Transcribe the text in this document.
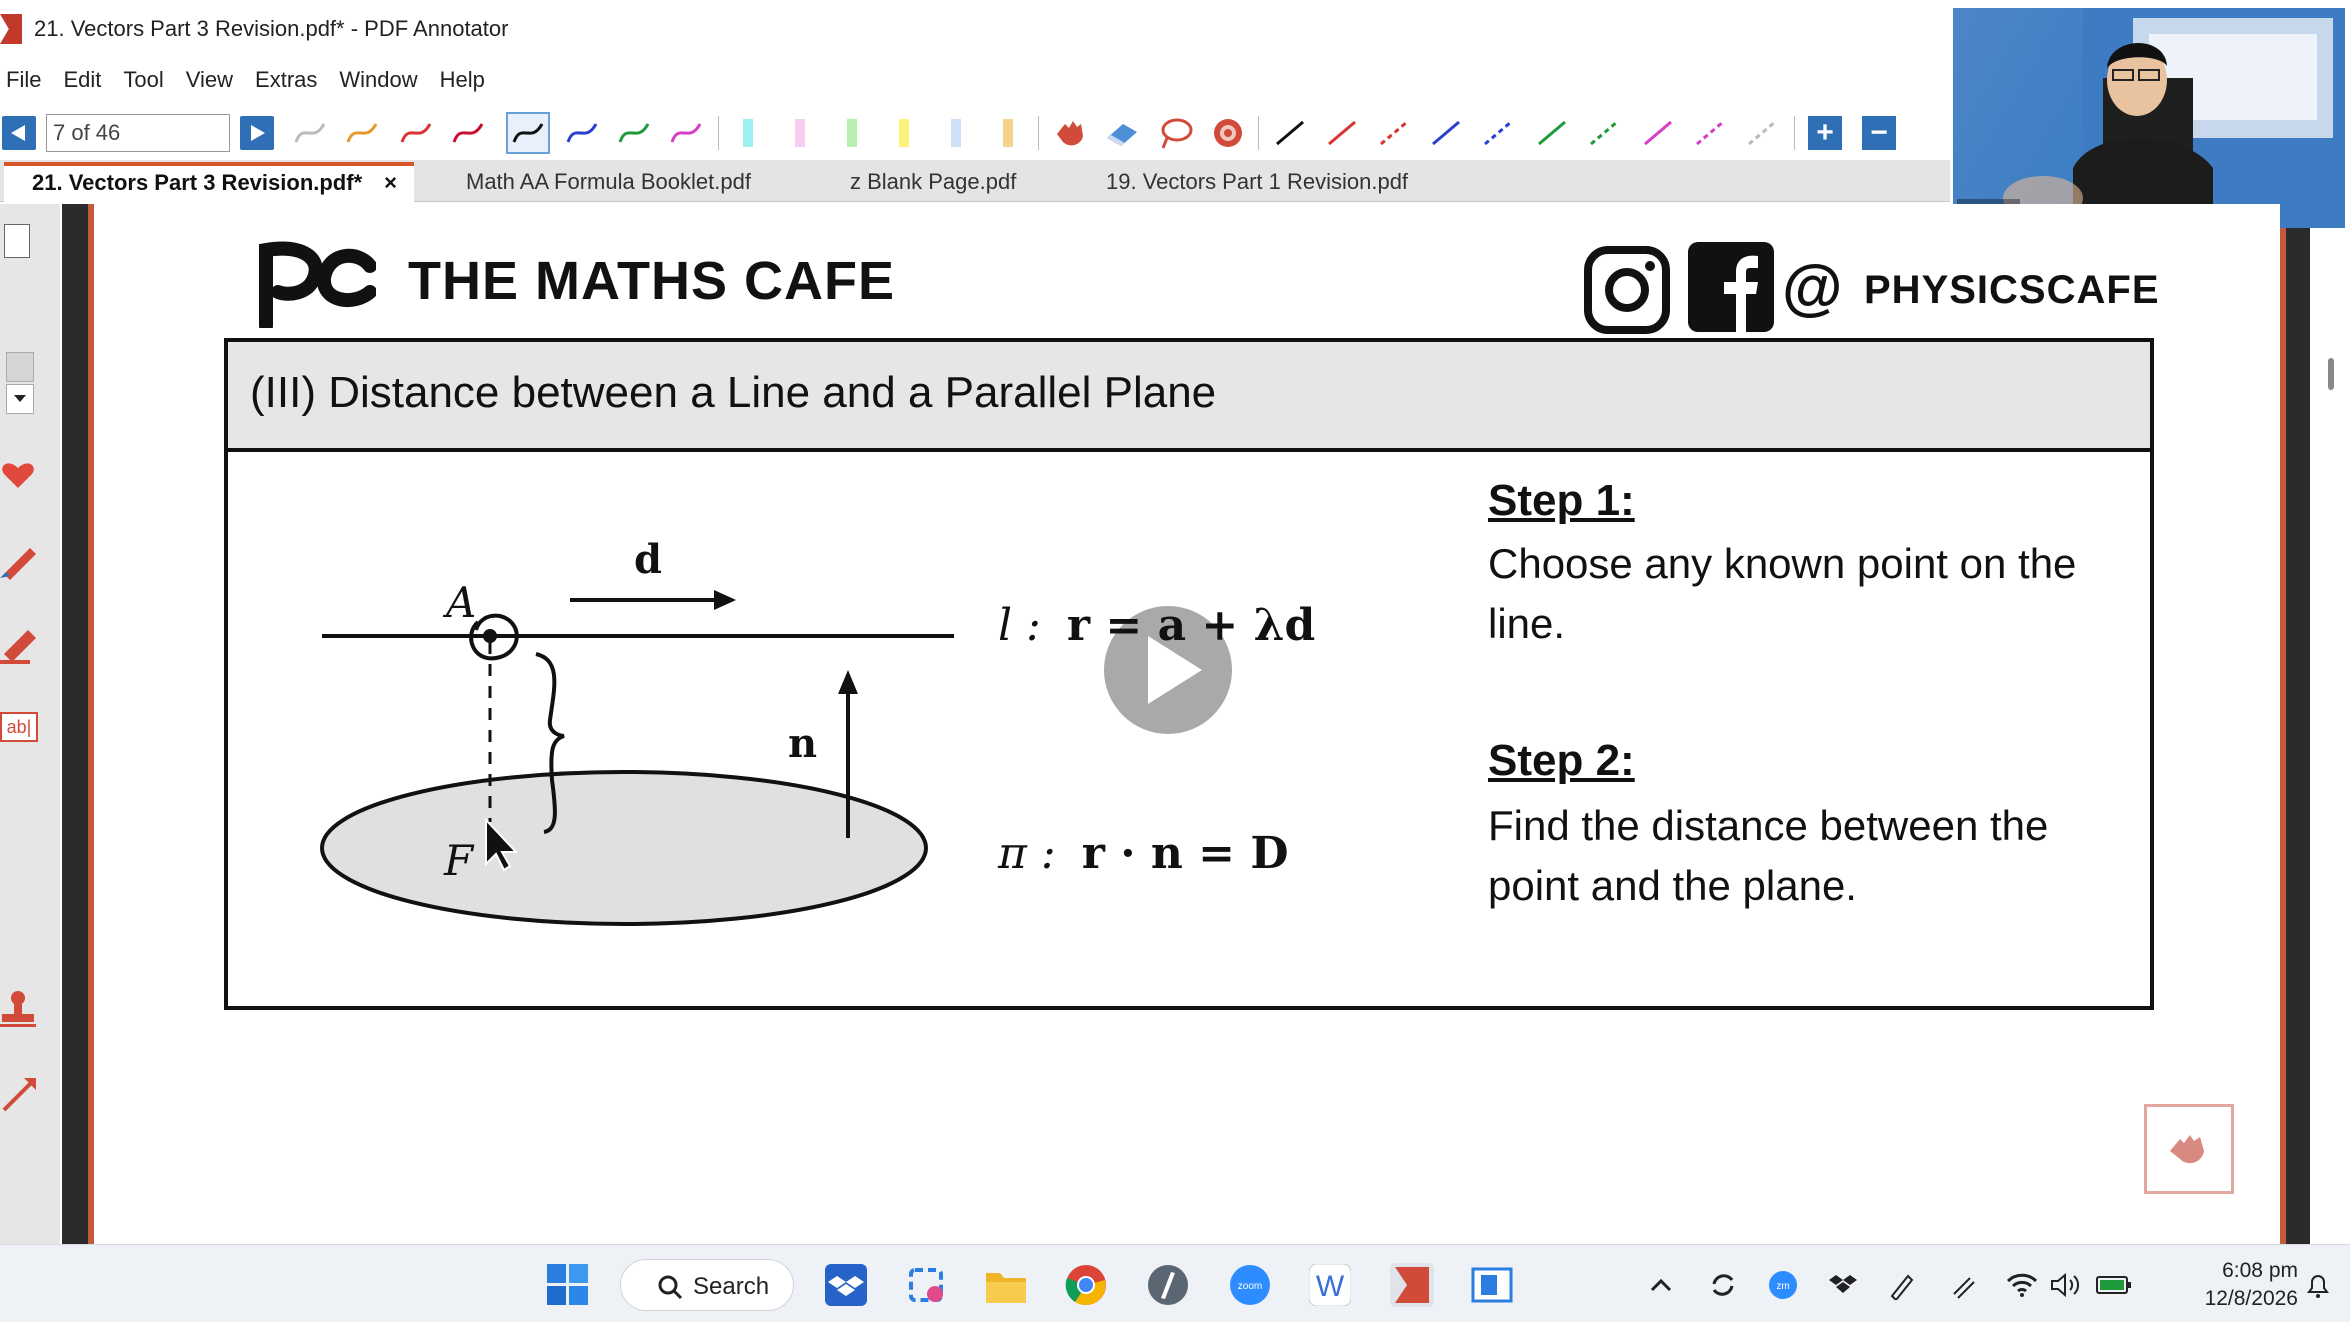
21. Vectors Part 3 Revision.pdf* - PDF Annotator
File Edit Tool View Extras Window Help
7 of 46	+ −
21. Vectors Part 3 Revision.pdf* ×	Math AA Formula Booklet.pdf	z Blank Page.pdf	19. Vectors Part 1 Revision.pdf
ab|
THE MATHS CAFE	@ PHYSICSCAFE
(III) Distance between a Line and a Parallel Plane
A
F
d
n
l : r = a + λd
π : r · n = D
Step 1:
Choose any known point on the line.
Step 2:
Find the distance between the point and the plane.
Search	zoom W	zm
6:08 pm
12/8/2026
